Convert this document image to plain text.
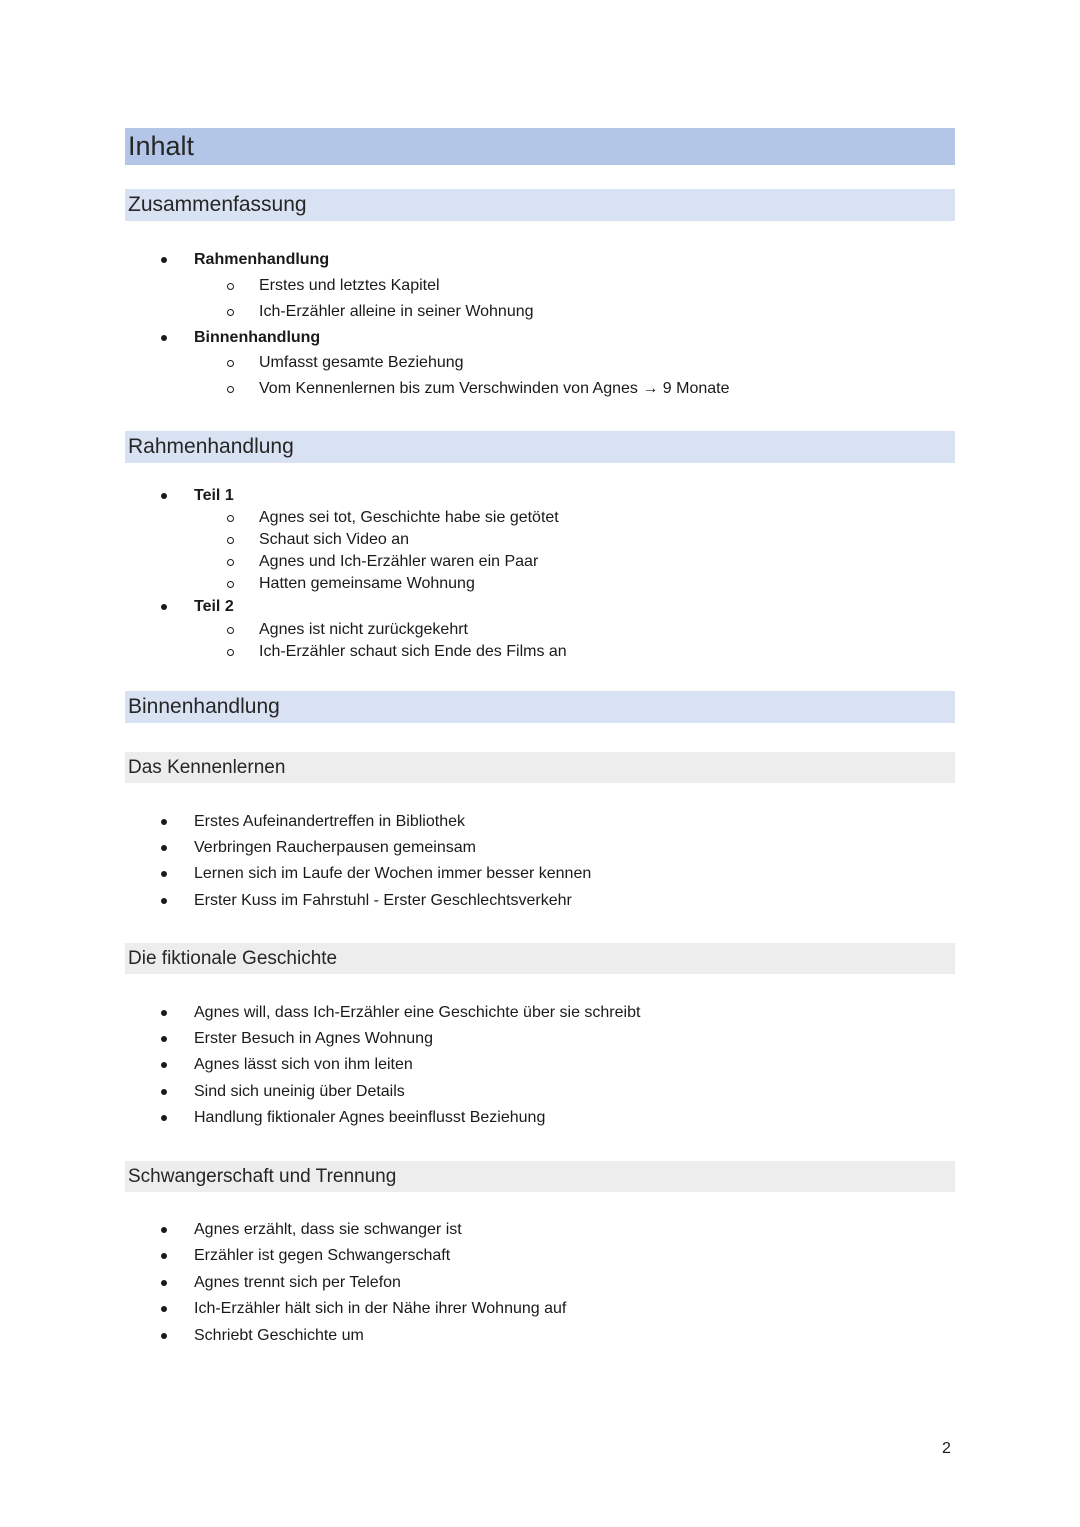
Inhalt
Zusammenfassung
Rahmenhandlung
Erstes und letztes Kapitel
Ich-Erzähler alleine in seiner Wohnung
Binnenhandlung
Umfasst gesamte Beziehung
Vom Kennenlernen bis zum Verschwinden von Agnes → 9 Monate
Rahmenhandlung
Teil 1
Agnes sei tot, Geschichte habe sie getötet
Schaut sich Video an
Agnes und Ich-Erzähler waren ein Paar
Hatten gemeinsame Wohnung
Teil 2
Agnes ist nicht zurückgekehrt
Ich-Erzähler schaut sich Ende des Films an
Binnenhandlung
Das Kennenlernen
Erstes Aufeinandertreffen in Bibliothek
Verbringen Raucherpausen gemeinsam
Lernen sich im Laufe der Wochen immer besser kennen
Erster Kuss im Fahrstuhl - Erster Geschlechtsverkehr
Die fiktionale Geschichte
Agnes will, dass Ich-Erzähler eine Geschichte über sie schreibt
Erster Besuch in Agnes Wohnung
Agnes lässt sich von ihm leiten
Sind sich uneinig über Details
Handlung fiktionaler Agnes beeinflusst Beziehung
Schwangerschaft und Trennung
Agnes erzählt, dass sie schwanger ist
Erzähler ist gegen Schwangerschaft
Agnes trennt sich per Telefon
Ich-Erzähler hält sich in der Nähe ihrer Wohnung auf
Schriebt Geschichte um
2
